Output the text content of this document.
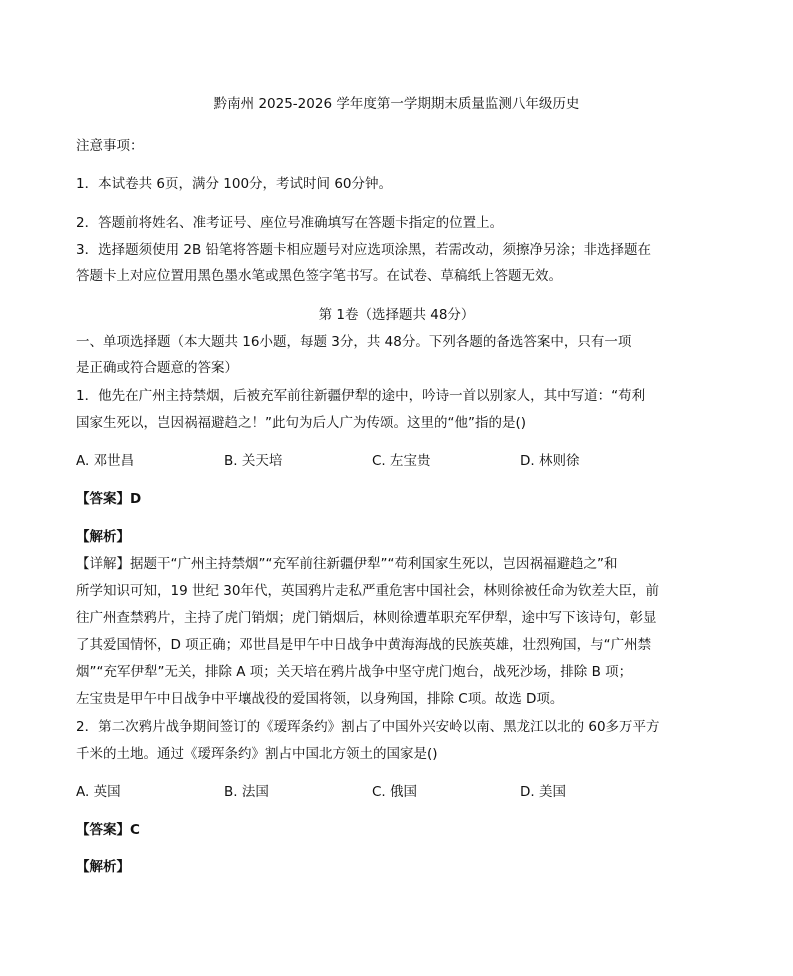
黔南州 2025-2026 学年度第一学期期末质量监测八年级历史
注意事项：
1．本试卷共 6页，满分 100分，考试时间 60分钟。
2．答题前将姓名、准考证号、座位号准确填写在答题卡指定的位置上。
3．选择题须使用 2B 铅笔将答题卡相应题号对应选项涂黑，若需改动，须擦净另涂；非选择题在
答题卡上对应位置用黑色墨水笔或黑色签字笔书写。在试卷、草稿纸上答题无效。
第 1卷（选择题共 48分）
一、单项选择题（本大题共 16小题，每题 3分，共 48分。下列各题的备选答案中，只有一项
是正确或符合题意的答案）
1．他先在广州主持禁烟，后被充军前往新疆伊犁的途中，吟诗一首以别家人，其中写道：“苟利
国家生死以，岂因祸福避趋之！”此句为后人广为传颂。这里的“他”指的是()
A. 邓世昌	B. 关天培	C. 左宝贵	D. 林则徐
【答案】D
【解析】
【详解】据题干“广州主持禁烟”“充军前往新疆伊犁”“苟利国家生死以，岂因祸福避趋之”和
所学知识可知，19 世纪 30年代，英国鸦片走私严重危害中国社会，林则徐被任命为钦差大臣，前
往广州查禁鸦片，主持了虎门销烟；虎门销烟后，林则徐遭革职充军伊犁，途中写下该诗句，彰显
了其爱国情怀，D 项正确；邓世昌是甲午中日战争中黄海海战的民族英雄，壮烈殉国，与“广州禁
烟”“充军伊犁”无关，排除 A 项；关天培在鸦片战争中坚守虎门炮台，战死沙场，排除 B 项；
左宝贵是甲午中日战争中平壤战役的爱国将领，以身殉国，排除 C项。故选 D项。
2．第二次鸦片战争期间签订的《瑷珲条约》割占了中国外兴安岭以南、黑龙江以北的 60多万平方
千米的土地。通过《瑷珲条约》割占中国北方领土的国家是()
A. 英国	B. 法国	C. 俄国	D. 美国
【答案】C
【解析】
